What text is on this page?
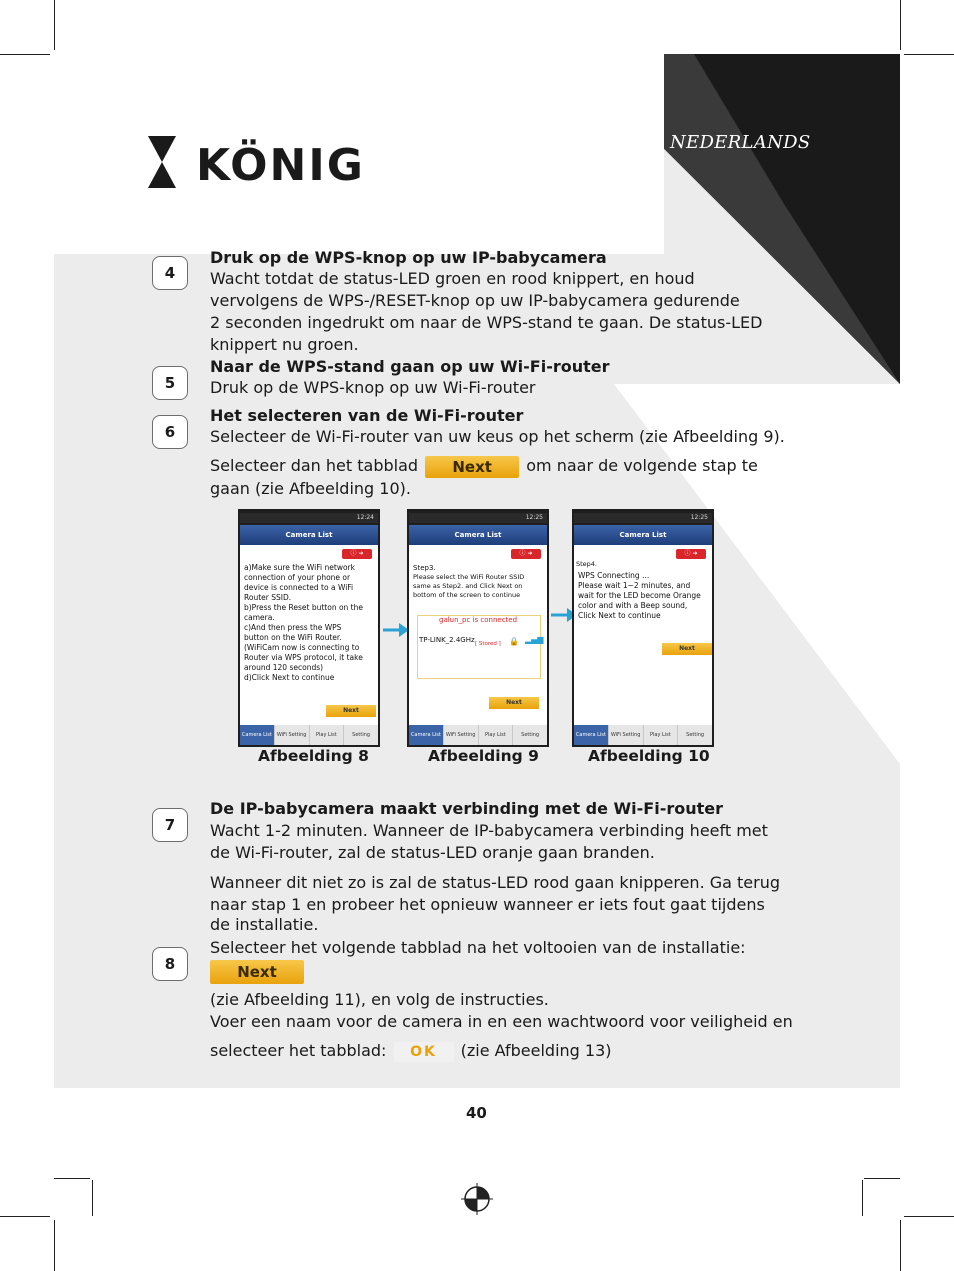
KÖNIG	NEDERLANDS
4
Druk op de WPS-knop op uw IP-babycamera
Wacht totdat de status-LED groen en rood knippert, en houd
vervolgens de WPS-/RESET-knop op uw IP-babycamera gedurende
2 seconden ingedrukt om naar de WPS-stand te gaan. De status-LED
knippert nu groen.
5
Naar de WPS-stand gaan op uw Wi-Fi-router
Druk op de WPS-knop op uw Wi-Fi-router
6
Het selecteren van de Wi-Fi-router
Selecteer de Wi-Fi-router van uw keus op het scherm (zie Afbeelding 9).
Selecteer dan het tabblad Next om naar de volgende stap te
gaan (zie Afbeelding 10).
12:24
Camera List
ⓘ ➜
a)Make sure the WiFi network
connection of your phone or
device is connected to a WiFi
Router SSID.
b)Press the Reset button on the
camera.
c)And then press the WPS
button on the WiFi Router.
(WiFiCam now is connecting to
Router via WPS protocol, it take
around 120 seconds)
d)Click Next to continue
Next
Camera List WiFi Setting	Play List	Setting
12:25
Camera List
ⓘ ➜
Step3.
Please select the WiFi Router SSID
same as Step2. and Click Next on
bottom of the screen to continue
galun_pc is connected
TP-LINK_2.4GHz [ Stored ] 🔒 ▂▄▆
Next
Camera List WiFi Setting	Play List	Setting
12:25
Camera List
ⓘ ➜
Step4.
WPS Connecting ...
Please wait 1~2 minutes, and
wait for the LED become Orange
color and with a Beep sound,
Click Next to continue
Next
Camera List WiFi Setting	Play List	Setting
Afbeelding 8	Afbeelding 9	Afbeelding 10
7
De IP-babycamera maakt verbinding met de Wi-Fi-router
Wacht 1-2 minuten. Wanneer de IP-babycamera verbinding heeft met
de Wi-Fi-router, zal de status-LED oranje gaan branden.
Wanneer dit niet zo is zal de status-LED rood gaan knipperen. Ga terug
naar stap 1 en probeer het opnieuw wanneer er iets fout gaat tijdens
de installatie.
8
Selecteer het volgende tabblad na het voltooien van de installatie:
Next
(zie Afbeelding 11), en volg de instructies.
Voer een naam voor de camera in en een wachtwoord voor veiligheid en
selecteer het tabblad: OK (zie Afbeelding 13)
40
